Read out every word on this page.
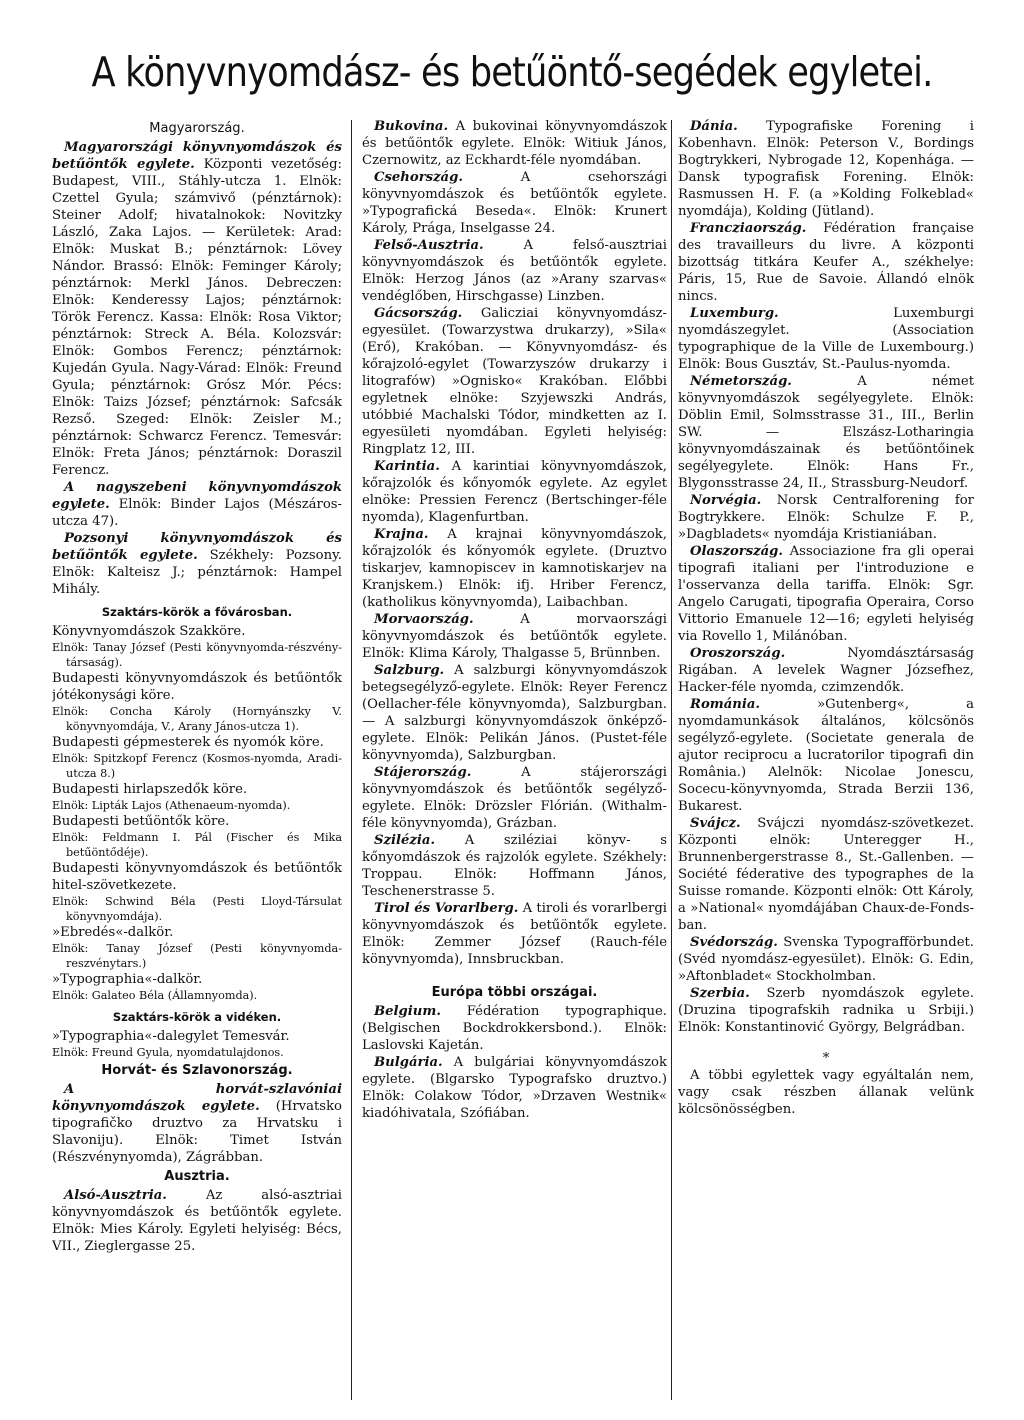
A könyvnyomdász- és betűöntő-segédek egyletei.
Magyarország.

Magyarországi könyvnyomdászok és betűöntők egylete. Központi vezetőség: Budapest, VIII., Stáhly-utcza 1. Elnök: Czettel Gyula; számvivő (pénztárnok): Steiner Adolf; hivatalnokok: Novitzky László, Zaka Lajos. — Kerületek: Arad: Elnök: Muskat B.; pénztárnok: Lövey Nándor. Brassó: Elnök: Feminger Károly; pénztárnok: Merkl János. Debreczen: Elnök: Kenderessy Lajos; pénztárnok: Török Ferencz. Kassa: Elnök: Rosa Viktor; pénztárnok: Streck A. Béla. Kolozsvár: Elnök: Gombos Ferencz; pénztárnok: Kujedán Gyula. Nagy-Várad: Elnök: Freund Gyula; pénztárnok: Grósz Mór. Pécs: Elnök: Taizs József; pénztárnok: Safcsák Rezső. Szeged: Elnök: Zeisler M.; pénztárnok: Schwarcz Ferencz. Temesvár: Elnök: Freta János; pénztárnok: Doraszil Ferencz.

A nagyszebeni könyvnyomdászok egylete. Elnök: Binder Lajos (Mészáros-utcza 47).

Pozsonyi könyvnyomdászok és betűöntők egylete. Székhely: Pozsony. Elnök: Kalteisz J.; pénztárnok: Hampel Mihály.

Szaktárs-körök a fővárosban.

Könyvnyomdászok Szakköre.

Elnök: Tanay József (Pesti könyvnyomda-részvény-társaság).

Budapesti könyvnyomdászok és betűöntők jótékonysági köre.

Elnök: Concha Károly (Hornyánszky V. könyvnyomdája, V., Arany János-utcza 1).

Budapesti gépmesterek és nyomók köre.

Elnök: Spitzkopf Ferencz (Kosmos-nyomda, Aradi-utcza 8.)

Budapesti hirlapszedők köre.

Elnök: Lipták Lajos (Athenaeum-nyomda).

Budapesti betűöntők köre.

Elnök: Feldmann I. Pál (Fischer és Mika betűöntődéje).

Budapesti könyvnyomdászok és betűöntők hitel-szövetkezete.

Elnök: Schwind Béla (Pesti Lloyd-Társulat könyvnyomdája).

»Ebredés«-dalkör.

Elnök: Tanay József (Pesti könyvnyomda-reszvénytars.)

»Typographia«-dalkör.

Elnök: Galateo Béla (Államnyomda).

Szaktárs-körök a vidéken.

»Typographia«-dalegylet Temesvár.

Elnök: Freund Gyula, nyomdatulajdonos.

Horvát- és Szlavonország.

A horvát-szlavóniai könyvnyomdászok egylete. (Hrvatsko tipografičko druztvo za Hrvatsku i Slavoniju). Elnök: Timet István (Részvénynyomda), Zágrábban.

Ausztria.

Alsó-Ausztria.	Az alsó-asztriai könyvnyomdászok és betűöntők egylete. Elnök: Mies Károly. Egyleti helyiség: Bécs, VII., Zieglergasse 25.

Bukovina. A bukovinai könyvnyomdászok és betűöntők egylete. Elnök: Witiuk János, Czernowitz, az Eckhardt-féle nyomdában.

Csehország.	A csehországi könyvnyomdászok és betűöntők egylete. »Typografická Beseda«. Elnök: Krunert Károly, Prága, Inselgasse 24.

Felső-Ausztria.	A felső-ausztriai könyvnyomdászok és betűöntők egylete. Elnök: Herzog János (az »Arany szarvas« vendéglőben, Hirschgasse) Linzben.

Gácsország. Galicziai könyvnyomdász-egyesület. (Towarzystwa drukarzy), »Sila« (Erő), Krakóban. — Könyvnyomdász- és kőrajzoló-egylet (Towarzyszów drukarzy i litografów) »Ognisko« Krakóban. Előbbi egyletnek elnöke: Szyjewszki András, utóbbié Machalski Tódor, mindketten az I. egyesületi nyomdában. Egyleti helyiség: Ringplatz 12, III.

Karintia. A karintiai könyvnyomdászok, kőrajzolók és kőnyomók egylete. Az egylet elnöke: Pressien Ferencz (Bertschinger-féle nyomda), Klagenfurtban.

Krajna. A krajnai könyvnyomdászok, kőrajzolók és kőnyomók egylete. (Druztvo tiskarjev, kamnopiscev in kamnotiskarjev na Kranjskem.) Elnök: ifj. Hriber Ferencz, (katholikus könyvnyomda), Laibachban.

Morvaország.	A morvaországi könyvnyomdászok és betűöntők egylete. Elnök: Klima Károly, Thalgasse 5, Brünnben.

Salzburg. A salzburgi könyvnyomdászok betegsegélyző-egylete. Elnök: Reyer Ferencz (Oellacher-féle könyvnyomda), Salzburgban. — A salzburgi könyvnyomdászok önképző-egylete. Elnök: Pelikán János. (Pustet-féle könyvnyomda), Salzburgban.

Stájerország.	A stájerországi könyvnyomdászok és betűöntők segélyző-egylete. Elnök: Drözsler Flórián. (Withalm-féle könyvnyomda), Grázban.

Szilézia. A sziléziai könyv- s kőnyomdászok és rajzolók egylete. Székhely: Troppau. Elnök: Hoffmann János, Teschenerstrasse 5.

Tirol és Vorarlberg. A tiroli és vorarlbergi könyvnyomdászok és betűöntők egylete. Elnök: Zemmer József (Rauch-féle könyvnyomda), Innsbruckban.

Európa többi országai.

Belgium. Fédération typographique. (Belgischen Bockdrokkersbond.). Elnök: Laslovski Kajetán.

Bulgária. A bulgáriai könyvnyomdászok egylete. (Blgarsko Typografsko druztvo.) Elnök: Colakow Tódor, »Drzaven Westnik« kiadóhivatala, Szófiában.

Dánia. Typografiske Forening i Kobenhavn. Elnök: Peterson V., Bordings Bogtrykkeri, Nybrogade 12, Kopenhága. — Dansk typografisk Forening. Elnök: Rasmussen H. F. (a »Kolding Folkeblad« nyomdája), Kolding (Jütland).

Francziaország. Fédération française des travailleurs du livre. A központi bizottság titkára Keufer A., székhelye: Páris, 15, Rue de Savoie. Állandó elnök nincs.

Luxemburg.	Luxemburgi nyomdászegylet. (Association typographique de la Ville de Luxembourg.) Elnök: Bous Gusztáv, St.-Paulus-nyomda.

Németország.	A német könyvnyomdászok segélyegylete. Elnök: Döblin Emil, Solmsstrasse 31., III., Berlin SW. — Elszász-Lotharingia könyvnyomdászainak és betűöntőinek segélyegylete. Elnök: Hans Fr., Blygonsstrasse 24, II., Strassburg-Neudorf.

Norvégia. Norsk Centralforening for Bogtrykkere. Elnök: Schulze F. P., »Dagbladets« nyomdája Kristianiában.

Olaszország. Associazione fra gli operai tipografi italiani per l'introduzione e l'osservanza della tariffa. Elnök: Sgr. Angelo Carugati, tipografia Operaira, Corso Vittorio Emanuele 12—16; egyleti helyiség via Rovello 1, Milánóban.

Oroszország.	Nyomdásztársaság Rigában. A levelek Wagner Józsefhez, Hacker-féle nyomda, czimzendők.

Románia.	»Gutenberg«, a nyomdamunkások általános, kölcsönös segélyző-egylete. (Societate generala de ajutor reciprocu a lucratorilor tipograﬁ din România.) Alelnök: Nicolae Jonescu, Socecu-könyvnyomda, Strada Berzii 136, Bukarest.

Svájcz. Svájczi nyomdász-szövetkezet. Központi elnök: Unteregger H., Brunnenbergerstrasse 8., St.-Gallenben. — Société féderative des typographes de la Suisse romande. Központi elnök: Ott Károly, a »National« nyomdájában Chaux-de-Fonds-ban.

Svédország. Svenska Typografförbundet. (Svéd nyomdász-egyesület). Elnök: G. Edin, »Aftonbladet« Stockholmban.

Szerbia. Szerb nyomdászok egylete. (Druzina tipografskih radnika u Srbiji.) Elnök: Konstantinović György, Belgrádban.

*

A többi egylettek vagy egyáltalán nem, vagy csak részben állanak velünk kölcsönösségben.
